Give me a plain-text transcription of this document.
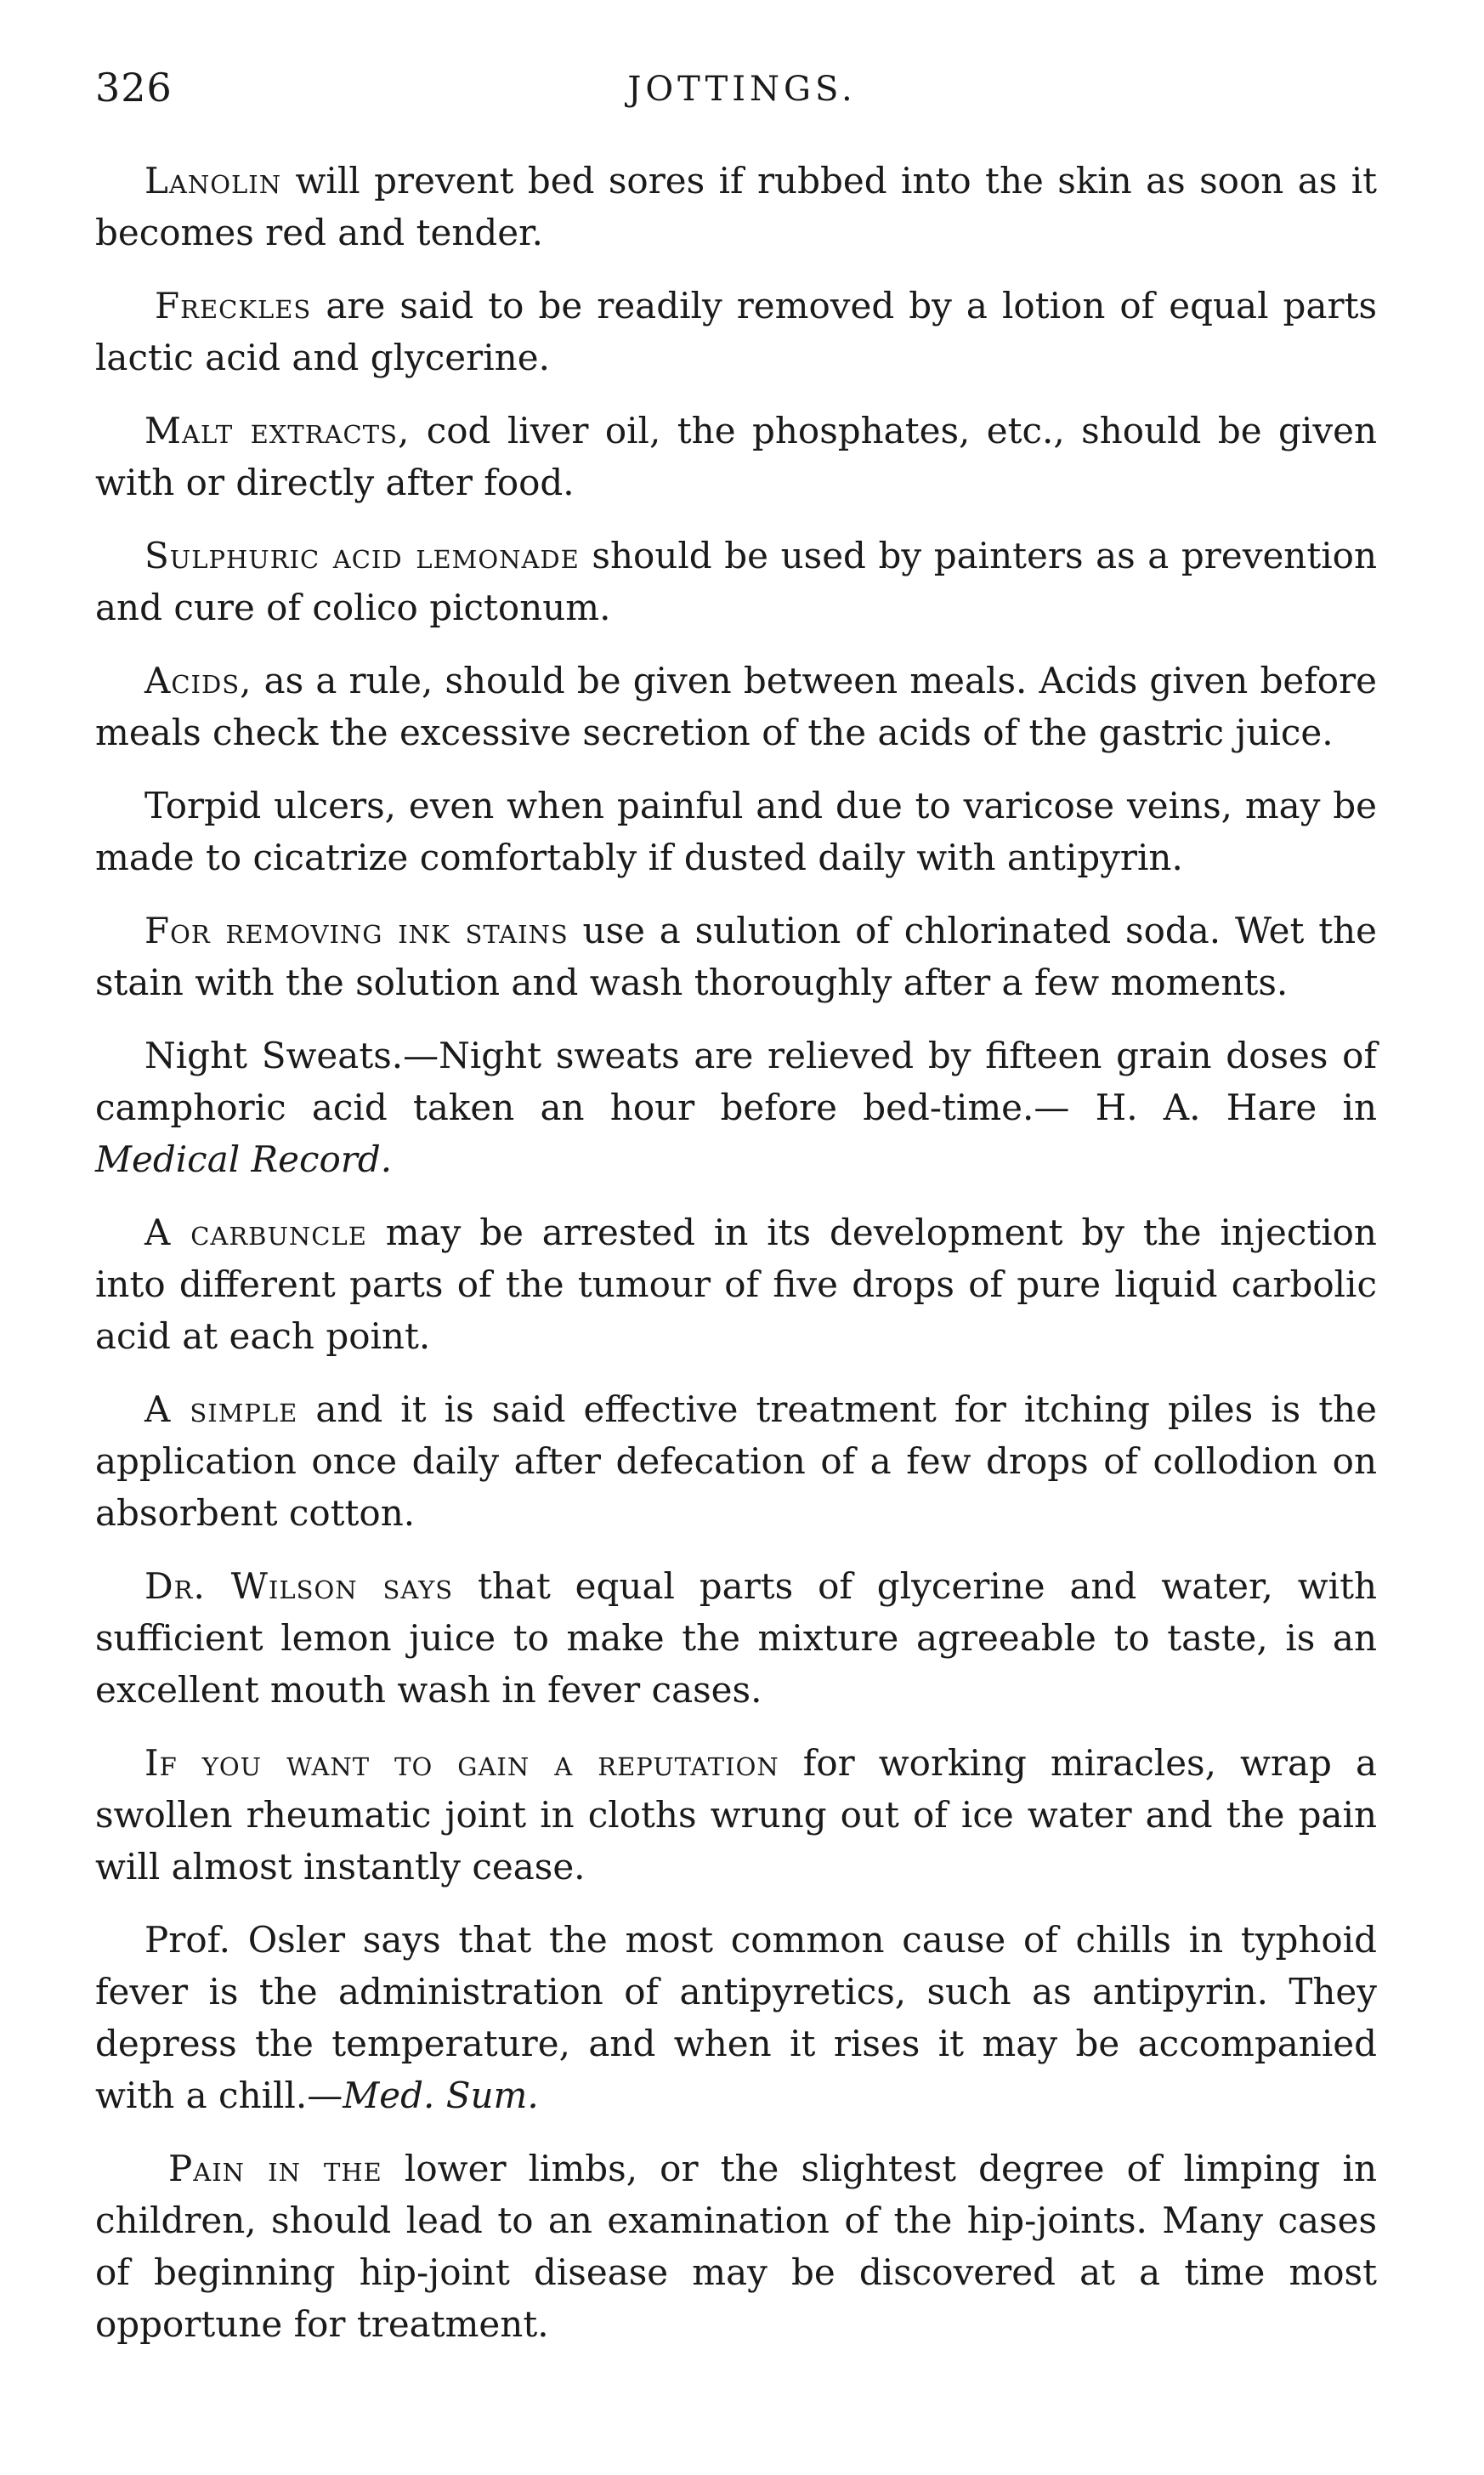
326	JOTTINGS.

Lanolin will prevent bed sores if rubbed into the skin as soon as it becomes red and tender.

Freckles are said to be readily removed by a lotion of equal parts lactic acid and glycerine.

Malt extracts, cod liver oil, the phosphates, etc., should be given with or directly after food.

Sulphuric acid lemonade should be used by painters as a prevention and cure of colico pictonum.

Acids, as a rule, should be given between meals. Acids given before meals check the excessive secretion of the acids of the gastric juice.

Torpid ulcers, even when painful and due to varicose veins, may be made to cicatrize comfortably if dusted daily with antipyrin.

For removing ink stains use a sulution of chlorinated soda. Wet the stain with the solution and wash thoroughly after a few moments.

Night Sweats.—Night sweats are relieved by fifteen grain doses of camphoric acid taken an hour before bed-time.— H. A. Hare in Medical Record.

A carbuncle may be arrested in its development by the injection into different parts of the tumour of five drops of pure liquid carbolic acid at each point.

A simple and it is said effective treatment for itching piles is the application once daily after defecation of a few drops of collodion on absorbent cotton.

Dr. Wilson says that equal parts of glycerine and water, with sufficient lemon juice to make the mixture agreeable to taste, is an excellent mouth wash in fever cases.

If you want to gain a reputation for working miracles, wrap a swollen rheumatic joint in cloths wrung out of ice water and the pain will almost instantly cease.

Prof. Osler says that the most common cause of chills in typhoid fever is the administration of antipyretics, such as antipyrin. They depress the temperature, and when it rises it may be accompanied with a chill.—Med. Sum.

Pain in the lower limbs, or the slightest degree of limping in children, should lead to an examination of the hip-joints. Many cases of beginning hip-joint disease may be discovered at a time most opportune for treatment.
